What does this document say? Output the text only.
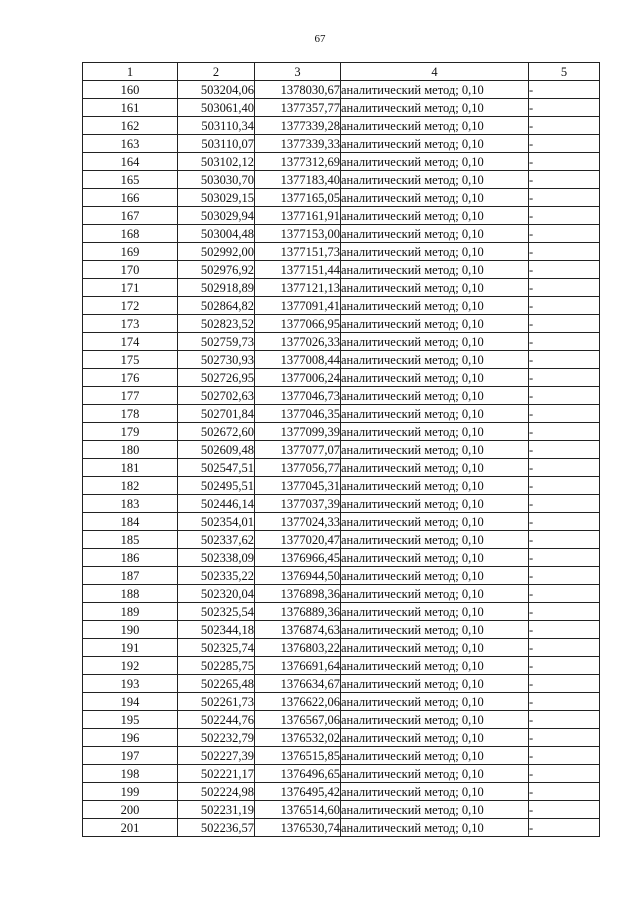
67
1	2	3	4	5
160	503204,06	1378030,67	аналитический метод; 0,10	-
161	503061,40	1377357,77	аналитический метод; 0,10	-
162	503110,34	1377339,28	аналитический метод; 0,10	-
163	503110,07	1377339,33	аналитический метод; 0,10	-
164	503102,12	1377312,69	аналитический метод; 0,10	-
165	503030,70	1377183,40	аналитический метод; 0,10	-
166	503029,15	1377165,05	аналитический метод; 0,10	-
167	503029,94	1377161,91	аналитический метод; 0,10	-
168	503004,48	1377153,00	аналитический метод; 0,10	-
169	502992,00	1377151,73	аналитический метод; 0,10	-
170	502976,92	1377151,44	аналитический метод; 0,10	-
171	502918,89	1377121,13	аналитический метод; 0,10	-
172	502864,82	1377091,41	аналитический метод; 0,10	-
173	502823,52	1377066,95	аналитический метод; 0,10	-
174	502759,73	1377026,33	аналитический метод; 0,10	-
175	502730,93	1377008,44	аналитический метод; 0,10	-
176	502726,95	1377006,24	аналитический метод; 0,10	-
177	502702,63	1377046,73	аналитический метод; 0,10	-
178	502701,84	1377046,35	аналитический метод; 0,10	-
179	502672,60	1377099,39	аналитический метод; 0,10	-
180	502609,48	1377077,07	аналитический метод; 0,10	-
181	502547,51	1377056,77	аналитический метод; 0,10	-
182	502495,51	1377045,31	аналитический метод; 0,10	-
183	502446,14	1377037,39	аналитический метод; 0,10	-
184	502354,01	1377024,33	аналитический метод; 0,10	-
185	502337,62	1377020,47	аналитический метод; 0,10	-
186	502338,09	1376966,45	аналитический метод; 0,10	-
187	502335,22	1376944,50	аналитический метод; 0,10	-
188	502320,04	1376898,36	аналитический метод; 0,10	-
189	502325,54	1376889,36	аналитический метод; 0,10	-
190	502344,18	1376874,63	аналитический метод; 0,10	-
191	502325,74	1376803,22	аналитический метод; 0,10	-
192	502285,75	1376691,64	аналитический метод; 0,10	-
193	502265,48	1376634,67	аналитический метод; 0,10	-
194	502261,73	1376622,06	аналитический метод; 0,10	-
195	502244,76	1376567,06	аналитический метод; 0,10	-
196	502232,79	1376532,02	аналитический метод; 0,10	-
197	502227,39	1376515,85	аналитический метод; 0,10	-
198	502221,17	1376496,65	аналитический метод; 0,10	-
199	502224,98	1376495,42	аналитический метод; 0,10	-
200	502231,19	1376514,60	аналитический метод; 0,10	-
201	502236,57	1376530,74	аналитический метод; 0,10	-
